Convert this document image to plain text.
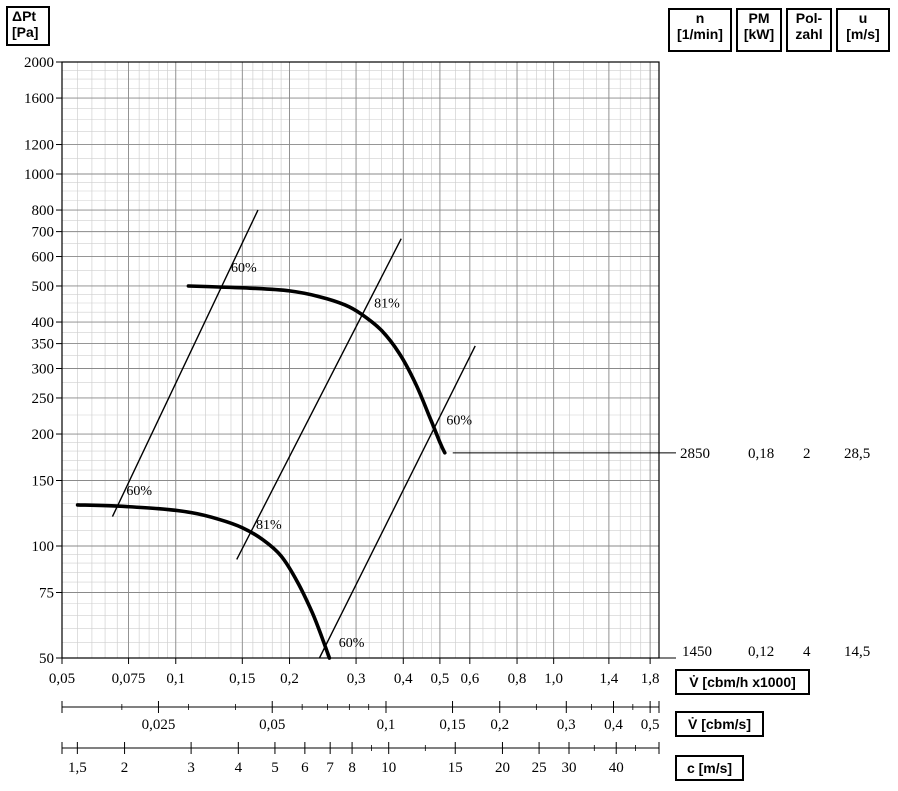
2000
1600
1200
1000
800
700
600
500
400
350
300
250
200
150
100
75
50
0,05 0,075 0,1	0,15 0,2	0,3 0,4 0,5 0,6 0,8 1,0 1,4 1,8
60%
81%
60%
60%
81%
60%
0,025	0,05	0,1	0,15 0,2	0,3 0,4 0,5
1,5 2	3	4 5 6 7 8 10	15 20 25 30 40
ΔPt
[Pa]
n
[1/min]
PM
[kW]
Pol-
zahl
u
[m/s]
2850	0,18 2 28,5
1450 0,12 4 14,5
V̇ [cbm/h x1000]
V̇ [cbm/s]
c [m/s]
